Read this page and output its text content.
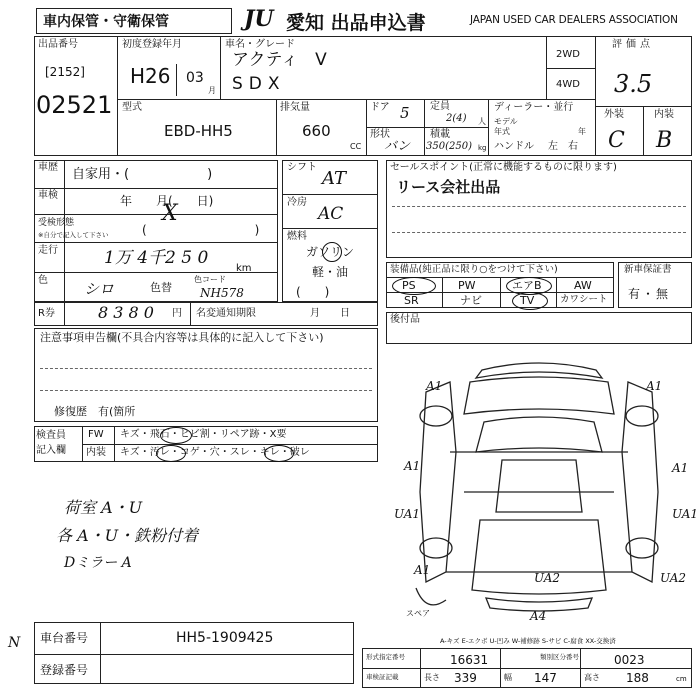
車内保管・守衛保管	JU 愛知 出品申込書	JAPAN USED CAR DEALERS ASSOCIATION
出品番号
[2152]
02521
初度登録年月
H26 03
月
車名・グレード
アクティ　V
SDX
2WD
4WD
評価点
3.5
外装	内装
C B
型式
EBD-HH5
排気量
660
CC
ドア 5
形状
バン
定員
2(4) 人
積載
350(250) kg
ディーラー・並行
モデル
年式	年
ハンドル 左　右
車歴 自家用・(　　　　　　)
車検	年　　月(　　日)
X
受検形態
※自分で記入して下さい	(　　　　　　　　　)
走行	1万 4千2 5 0
km
色 シロ	色替
色コード
NH578
R券	8 3 8 0 円 名変通知期限	月　　日
シフト
AT
冷房
AC
燃料
ガソリン
軽・油
(　　)
セールスポイント(正常に機能するものに限ります)
リース会社出品
装備品(純正品に限り○をつけて下さい)
PS	PW	エアB	AW
SR	ナビ	TV	カワシート
新車保証書
有・無
後付品
注意事項申告欄(不具合内容等は具体的に記入して下さい)
修復歴　有(箇所
検査員
記入欄
FW キズ・飛石・ヒビ割・リペア跡・X要
内装 キズ・汚レ・コゲ・穴・スレ・キレ・破レ
荷室 A・U
各 A・U・鉄粉付着
Dミラー A
N
A1	A1
A1
UA1	UA1
A1
UA2	UA2
A4
A1
スペア
A-キズ E-エクボ U-凹み W-補修跡 S-サビ C-腐食 XX-交換済
車台番号	HH5-1909425
登録番号
形式指定番号	16631	類別区分番号	0023
車検証記載	長さ 339	幅 147	高さ 188	cm
